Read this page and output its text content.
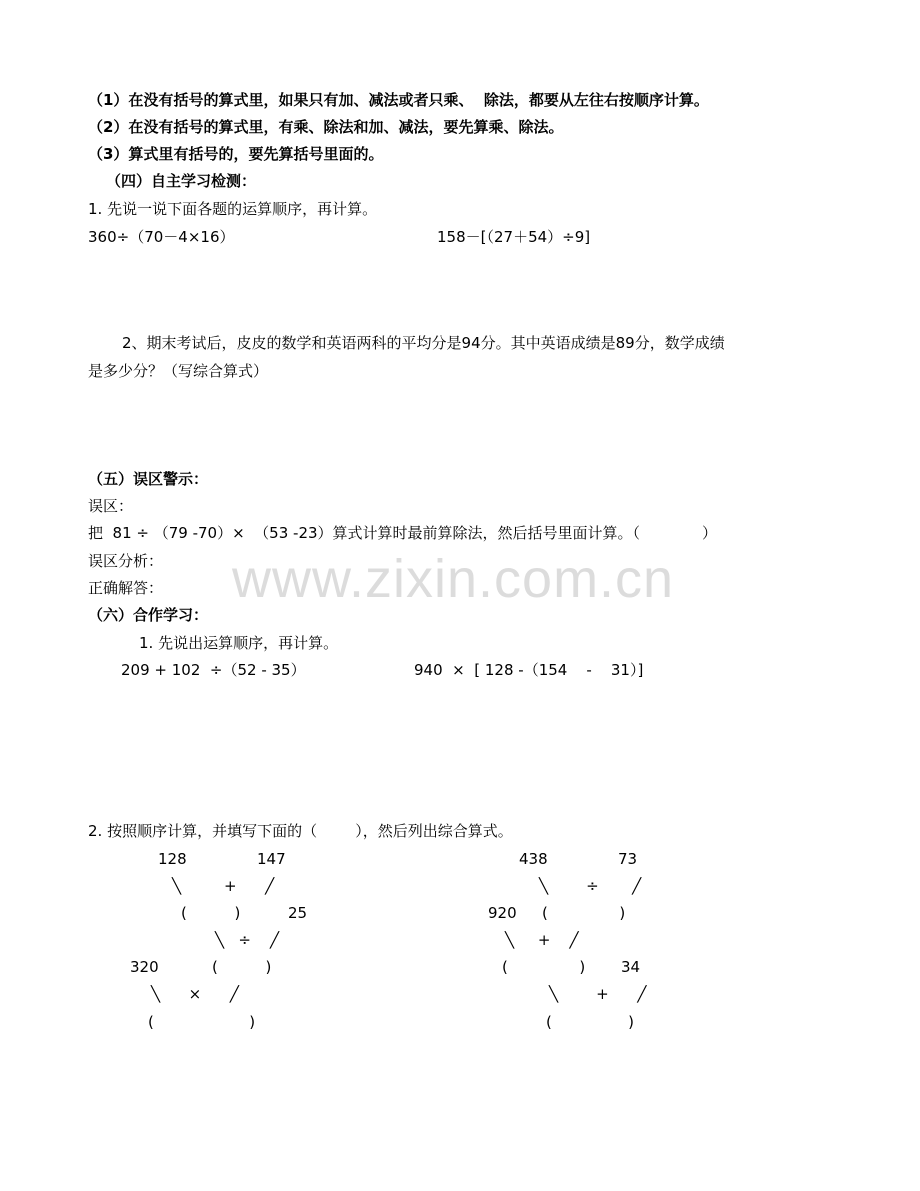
（1）在没有括号的算式里，如果只有加、减法或者只乘、  除法，都要从左往右按顺序计算。
（2）在没有括号的算式里，有乘、除法和加、减法，要先算乘、除法。
（3）算式里有括号的，要先算括号里面的。
（四）自主学习检测：
1. 先说一说下面各题的运算顺序，再计算。
360÷（70－4×16）	158－[（27＋54）÷9]
2、期末考试后，皮皮的数学和英语两科的平均分是94分。其中英语成绩是89分，数学成绩
是多少分？（写综合算式）
（五）误区警示：
误区：
把  81 ÷ （79 -70）×  （53 -23）算式计算时最前算除法，然后括号里面计算。（             ）
误区分析：
正确解答： www.zixin.com.cn
（六）合作学习：
1. 先说出运算顺序，再计算。
209 + 102  ÷（52 - 35）	940  ×  [ 128 -（154    -    31）]
2. 按照顺序计算，并填写下面的（        ），然后列出综合算式。
128	147
╲         +      ╱
(          )	25
╲   ÷    ╱
320	(          )
╲      ×      ╱
(                    )
438	73
╲        ÷       ╱
920 (               )
╲     +    ╱
(               ) 34
╲        +      ╱
(                )
